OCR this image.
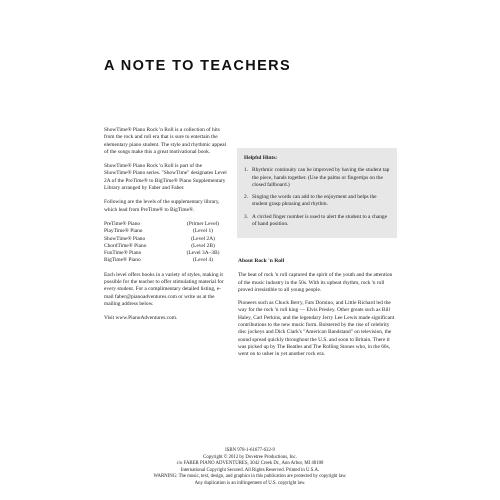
A NOTE TO TEACHERS

ShowTime® Piano Rock 'n Roll is a collection of hits from the rock and roll era that is sure to entertain the elementary piano student. The style and rhythmic appeal of the songs make this a great motivational book.

ShowTime® Piano Rock 'n Roll is part of the ShowTime® Piano series. "ShowTime" designates Level 2A of the PreTime® to BigTime® Piano Supplementary Library arranged by Faber and Faber.

Following are the levels of the supplementary library, which lead from PreTime® to BigTime®.

PreTime® Piano	(Primer Level)
PlayTime® Piano	(Level 1)
ShowTime® Piano	(Level 2A)
ChordTime® Piano	(Level 2B)
FunTime® Piano	(Level 3A–3B)
BigTime® Piano	(Level 4)

Each level offers books in a variety of styles, making it possible for the teacher to offer stimulating material for every student. For a complimentary detailed listing, e-mail faber@pianoadventures.com or write us at the mailing address below.

Visit www.PianoAdventures.com.

Helpful Hints:
1. Rhythmic continuity can be improved by having the student tap the piece, hands together. (Use the palms or fingertips on the closed fallboard.)
2. Singing the words can add to the enjoyment and helps the student grasp phrasing and rhythm.
3. A circled finger number is used to alert the student to a change of hand position.
About Rock 'n Roll

The beat of rock 'n roll captured the spirit of the youth and the attention of the music industry in the 50s. With its upbeat rhythm, rock 'n roll proved irresistible to all young people.

Pioneers such as Chuck Berry, Fats Domino, and Little Richard led the way for the rock 'n roll king — Elvis Presley. Other greats such as Bill Haley, Carl Perkins, and the legendary Jerry Lee Lewis made significant contributions to the new music form. Bolstered by the rise of celebrity disc jockeys and Dick Clark's "American Bandstand" on television, the sound spread quickly throughout the U.S. and soon to Britain. There it was picked up by The Beatles and The Rolling Stones who, in the 60s, went on to usher in yet another rock era.

ISBN 978-1-61677-632-9
Copyright © 2012 by Dovetree Productions, Inc.
c/o FABER PIANO ADVENTURES, 3042 Creek Dr., Ann Arbor, MI 48108
International Copyright Secured. All Rights Reserved. Printed in U.S.A.
WARNING: The music, text, design, and graphics in this publication are protected by copyright law.
Any duplication is an infringement of U.S. copyright law.
